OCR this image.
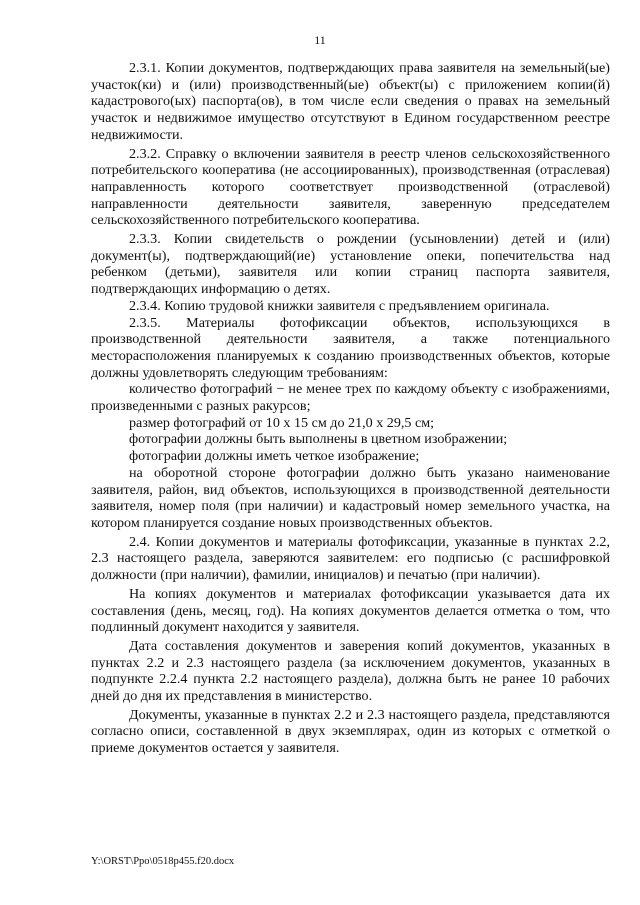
11

2.3.1. Копии документов, подтверждающих права заявителя на земельный(ые) участок(ки) и (или) производственный(ые) объект(ы) с приложением копии(й) кадастрового(ых) паспорта(ов), в том числе если сведения о правах на земельный участок и недвижимое имущество отсутствуют в Едином государственном реестре недвижимости.

2.3.2. Справку о включении заявителя в реестр членов сельскохозяйственного потребительского кооператива (не ассоциированных), производственная (отраслевая) направленность которого соответствует производственной (отраслевой) направленности деятельности заявителя, заверенную председателем сельскохозяйственного потребительского кооператива.

2.3.3. Копии свидетельств о рождении (усыновлении) детей и (или) документ(ы), подтверждающий(ие) установление опеки, попечительства над ребенком (детьми), заявителя или копии страниц паспорта заявителя, подтверждающих информацию о детях.

2.3.4. Копию трудовой книжки заявителя с предъявлением оригинала.

2.3.5. Материалы фотофиксации объектов, использующихся в производственной деятельности заявителя, а также потенциального месторасположения планируемых к созданию производственных объектов, которые должны удовлетворять следующим требованиям:

количество фотографий − не менее трех по каждому объекту с изображениями, произведенными с разных ракурсов;

размер фотографий от 10 х 15 см до 21,0 х 29,5 см;

фотографии должны быть выполнены в цветном изображении;

фотографии должны иметь четкое изображение;

на оборотной стороне фотографии должно быть указано наименование заявителя, район, вид объектов, использующихся в производственной деятельности заявителя, номер поля (при наличии) и кадастровый номер земельного участка, на котором планируется создание новых производственных объектов.

2.4. Копии документов и материалы фотофиксации, указанные в пунктах 2.2, 2.3 настоящего раздела, заверяются заявителем: его подписью (с расшифровкой должности (при наличии), фамилии, инициалов) и печатью (при наличии).

На копиях документов и материалах фотофиксации указывается дата их составления (день, месяц, год). На копиях документов делается отметка о том, что подлинный документ находится у заявителя.

Дата составления документов и заверения копий документов, указанных в пунктах 2.2 и 2.3 настоящего раздела (за исключением документов, указанных в подпункте 2.2.4 пункта 2.2 настоящего раздела), должна быть не ранее 10 рабочих дней до дня их представления в министерство.

Документы, указанные в пунктах 2.2 и 2.3 настоящего раздела, представляются согласно описи, составленной в двух экземплярах, один из которых с отметкой о приеме документов остается у заявителя.

Y:\ORST\Ppo\0518p455.f20.docx
